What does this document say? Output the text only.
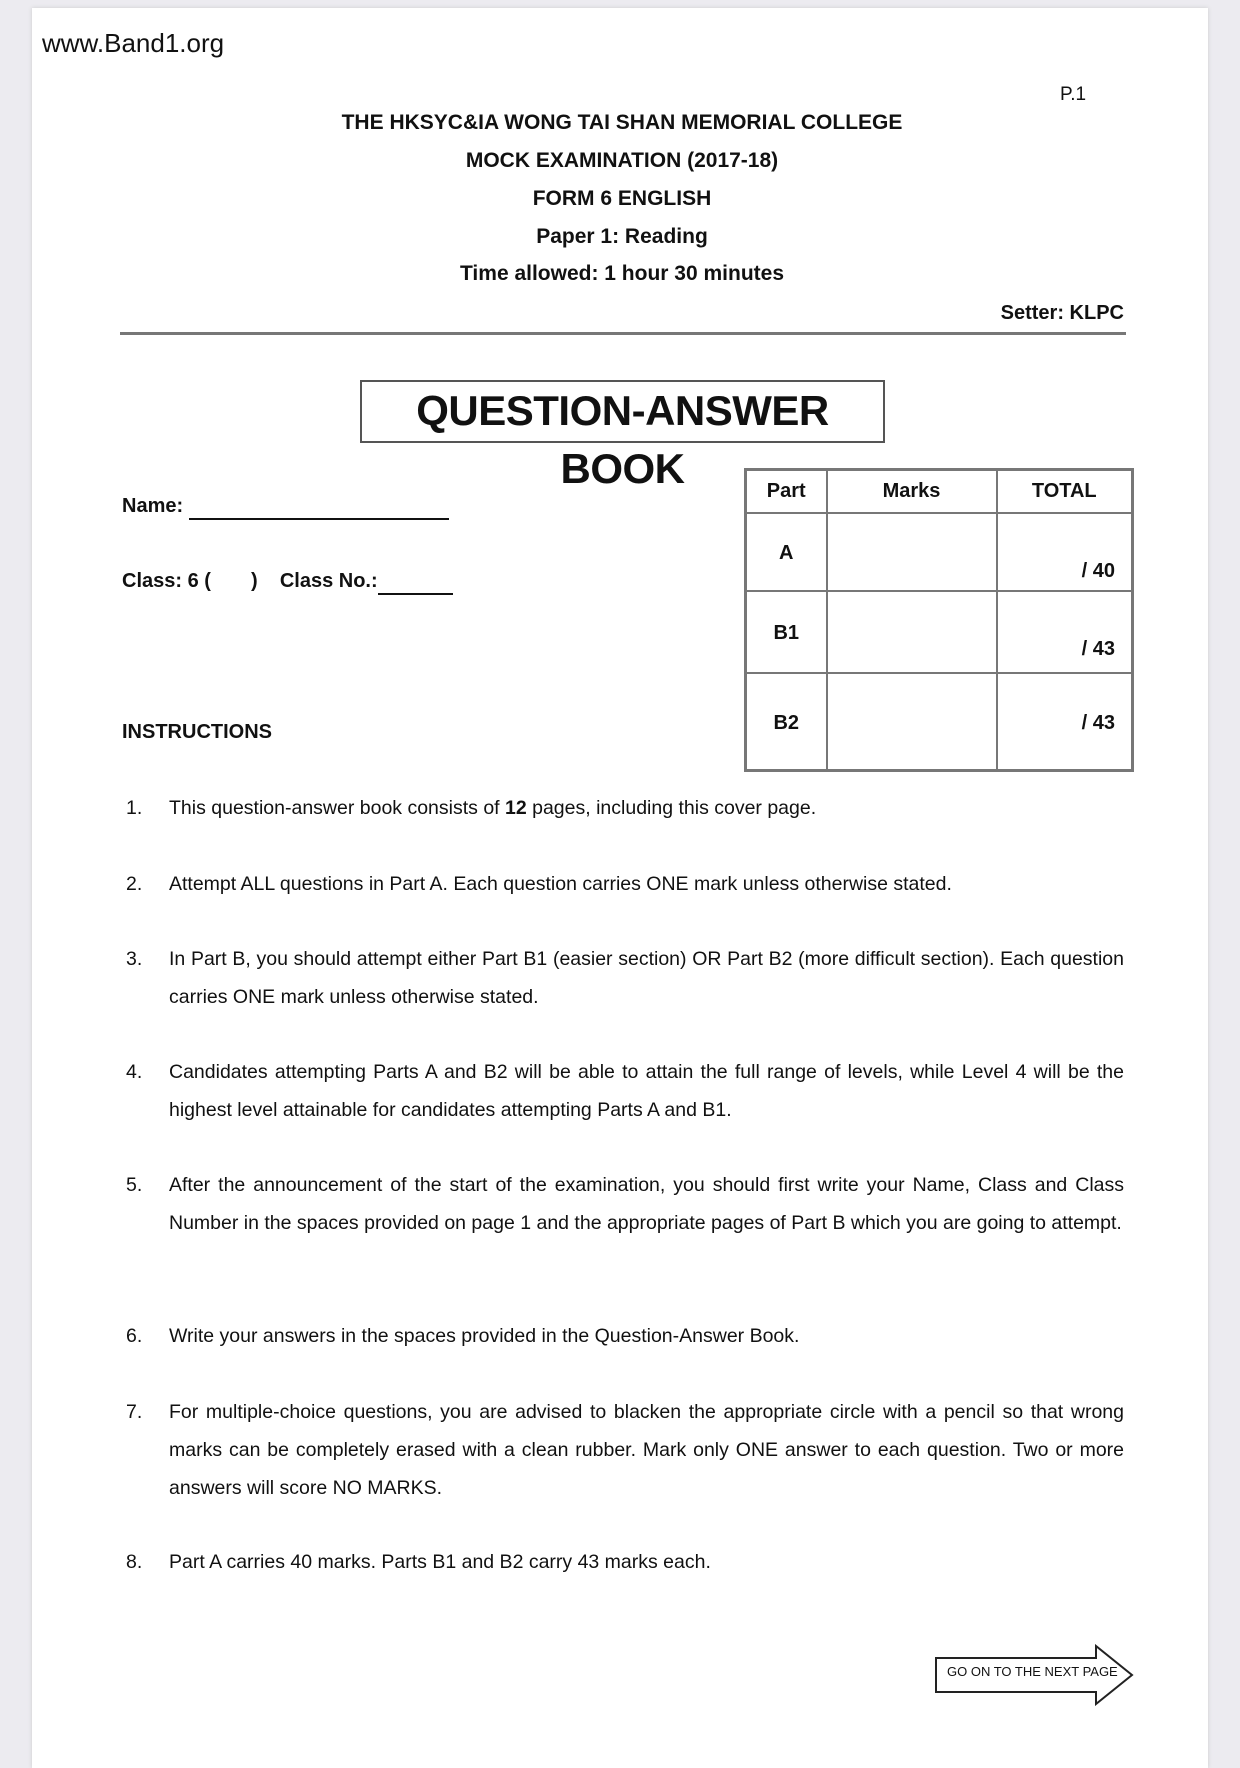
www.Band1.org
P.1
THE HKSYC&IA WONG TAI SHAN MEMORIAL COLLEGE
MOCK EXAMINATION (2017-18)
FORM 6 ENGLISH
Paper 1: Reading
Time allowed: 1 hour 30 minutes
Setter: KLPC
QUESTION-ANSWER BOOK
Name:
Class: 6 ( ) Class No.:
Part	Marks	TOTAL
A		/ 40
B1		/ 43
B2		/ 43
INSTRUCTIONS
1. This question-answer book consists of 12 pages, including this cover page.
2. Attempt ALL questions in Part A. Each question carries ONE mark unless otherwise stated.
3. In Part B, you should attempt either Part B1 (easier section) OR Part B2 (more difficult section). Each question carries ONE mark unless otherwise stated.
4. Candidates attempting Parts A and B2 will be able to attain the full range of levels, while Level 4 will be the highest level attainable for candidates attempting Parts A and B1.
5. After the announcement of the start of the examination, you should first write your Name, Class and Class Number in the spaces provided on page 1 and the appropriate pages of Part B which you are going to attempt.
6. Write your answers in the spaces provided in the Question-Answer Book.
7. For multiple-choice questions, you are advised to blacken the appropriate circle with a pencil so that wrong marks can be completely erased with a clean rubber. Mark only ONE answer to each question. Two or more answers will score NO MARKS.
8. Part A carries 40 marks. Parts B1 and B2 carry 43 marks each.
GO ON TO THE NEXT PAGE
